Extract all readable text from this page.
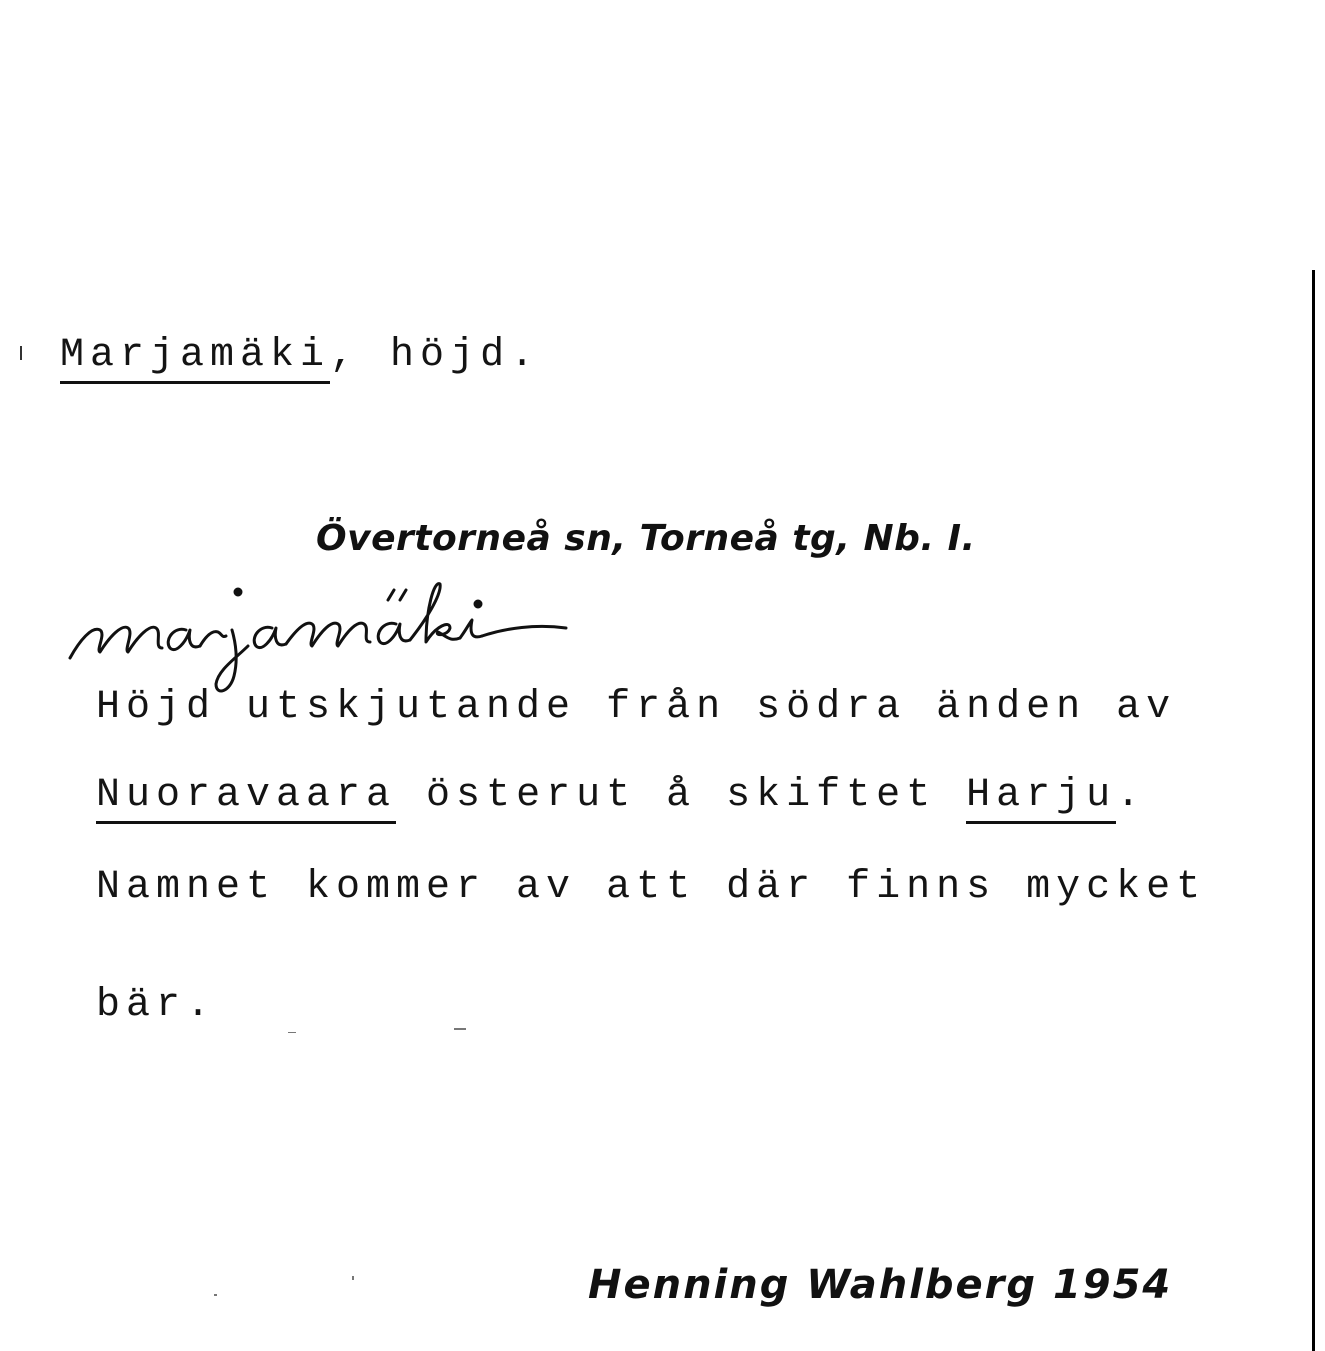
Marjamäki, höjd.
Övertorneå sn, Torneå tg, Nb. I.
Höjd utskjutande från södra änden av
Nuoravaara österut å skiftet Harju.
Namnet kommer av att där finns mycket
bär.
Henning Wahlberg 1954
